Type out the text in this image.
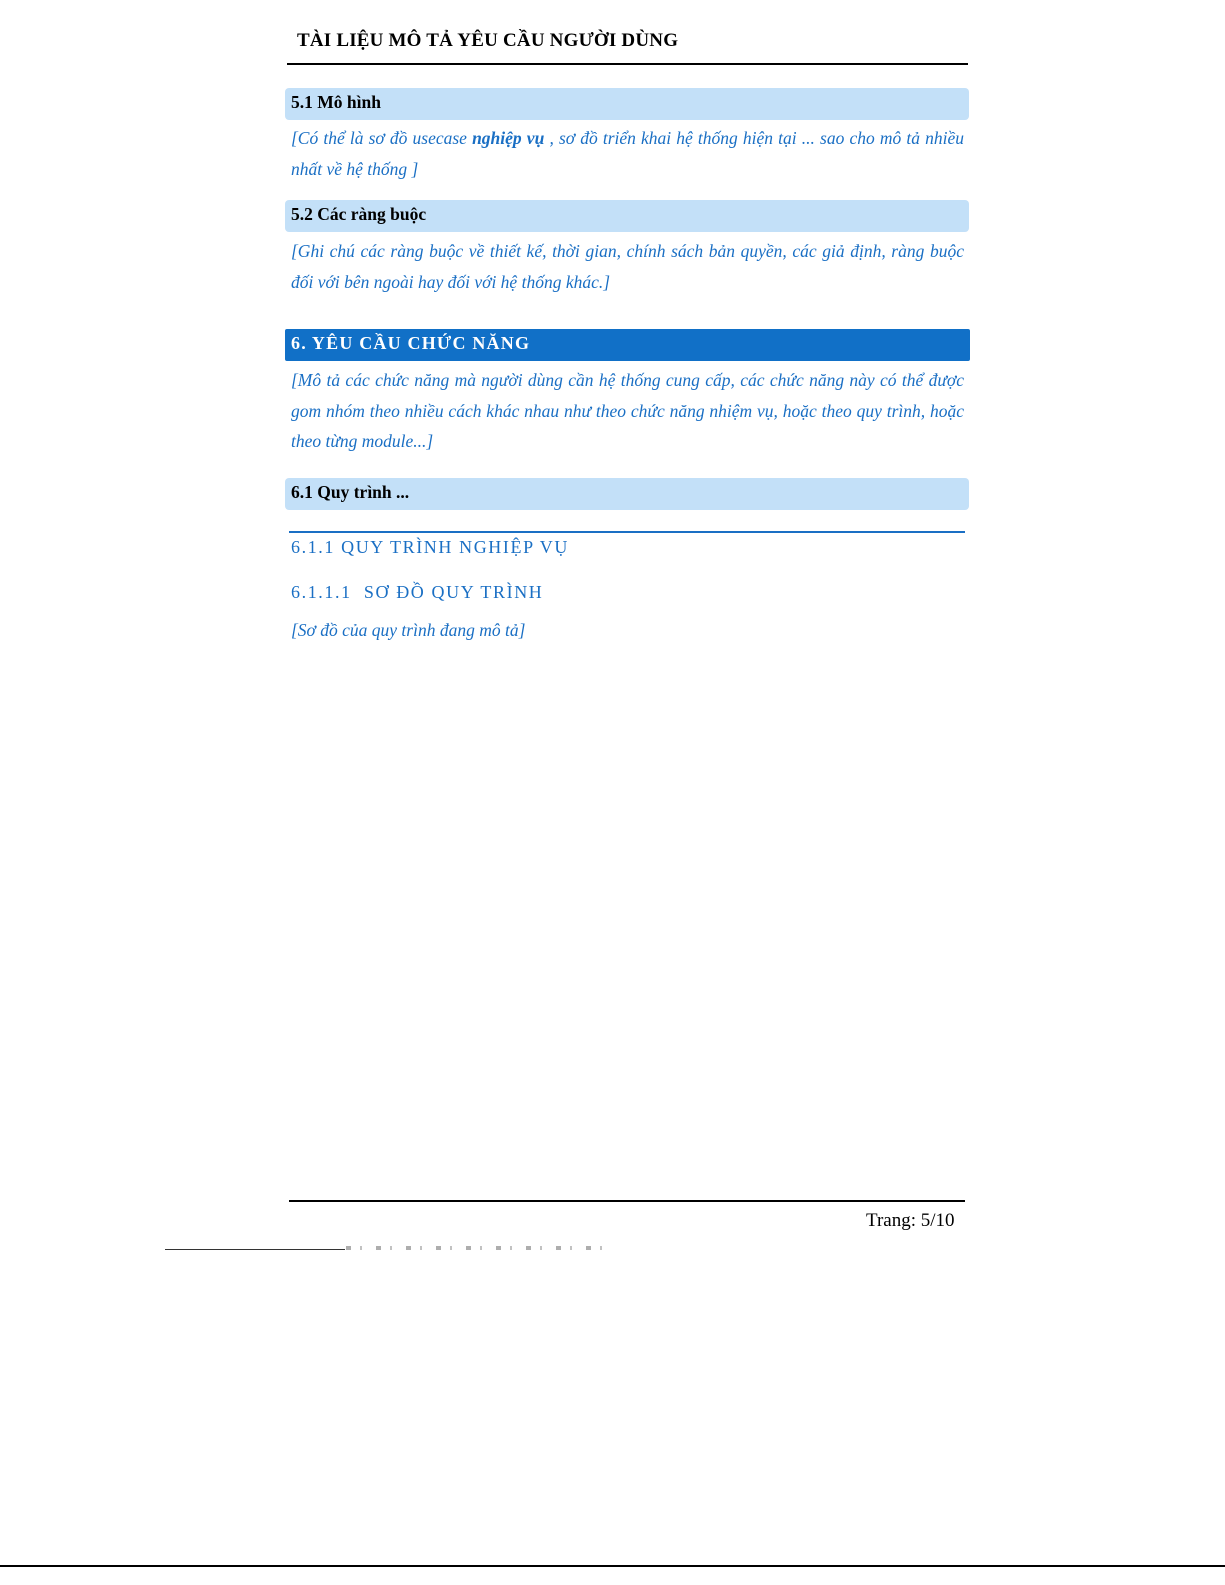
TÀI LIỆU MÔ TẢ YÊU CẦU NGƯỜI DÙNG
5.1 Mô hình

[Có thể là sơ đồ usecase nghiệp vụ , sơ đồ triển khai hệ thống hiện tại ... sao cho mô tả nhiều nhất về hệ thống ]

5.2 Các ràng buộc

[Ghi chú các ràng buộc về thiết kế, thời gian, chính sách bản quyền, các giả định, ràng buộc đối với bên ngoài hay đối với hệ thống khác.]

6. YÊU CẦU CHỨC NĂNG

[Mô tả các chức năng mà người dùng cần hệ thống cung cấp, các chức năng này có thể được gom nhóm theo nhiều cách khác nhau như theo chức năng nhiệm vụ, hoặc theo quy trình, hoặc theo từng module...]

6.1 Quy trình ...
6.1.1 QUY TRÌNH NGHIỆP VỤ
6.1.1.1  SƠ ĐỒ QUY TRÌNH

[Sơ đồ của quy trình đang mô tả]

Trang: 5/10
